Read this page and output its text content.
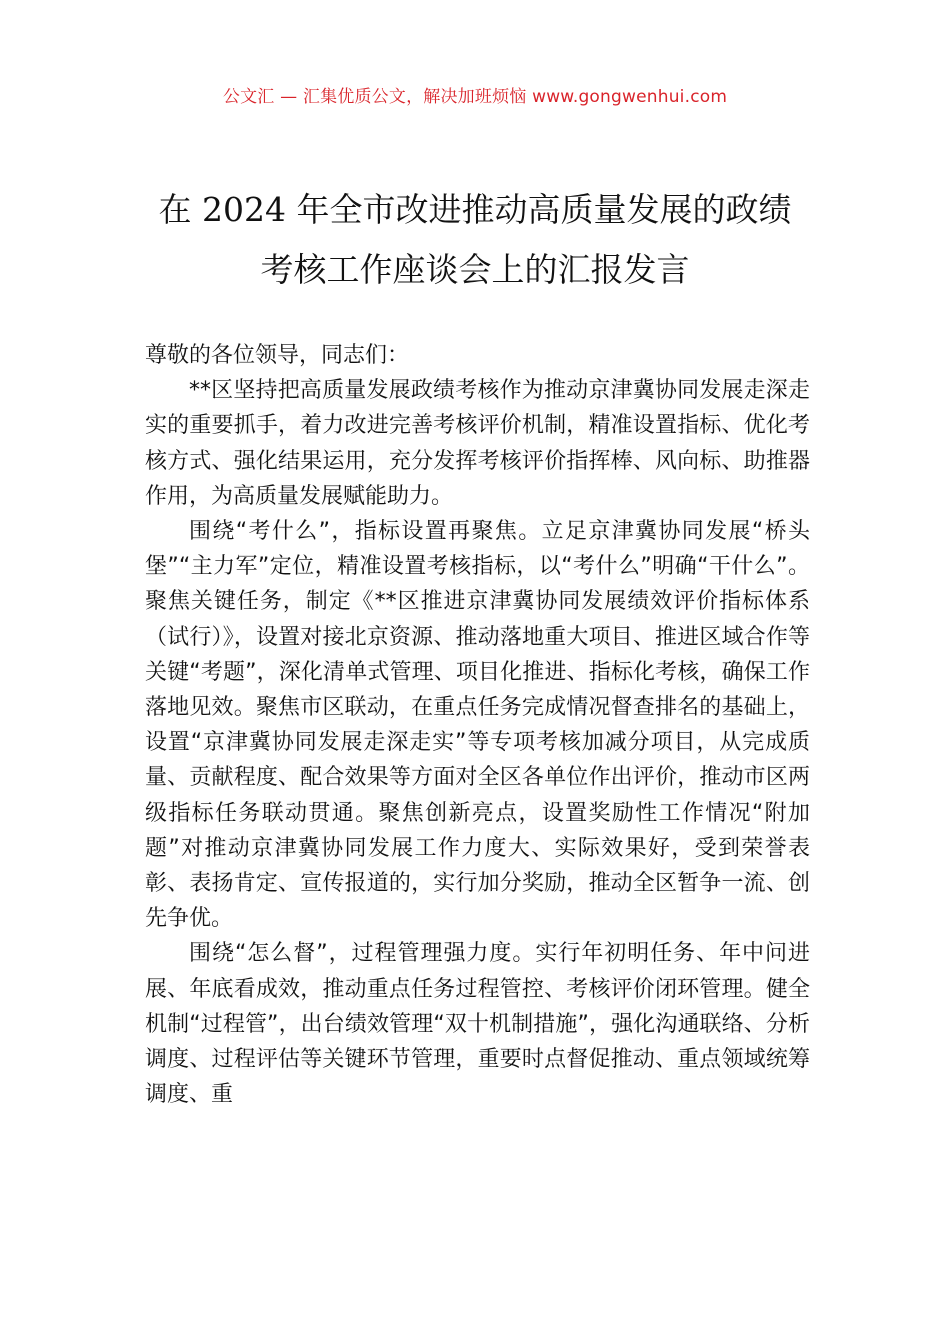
公文汇 — 汇集优质公文，解决加班烦恼 www.gongwenhui.com
在 2024 年全市改进推动高质量发展的政绩
考核工作座谈会上的汇报发言

尊敬的各位领导，同志们：

**区坚持把高质量发展政绩考核作为推动京津冀协同发展走深走实的重要抓手，着力改进完善考核评价机制，精准设置指标、优化考核方式、强化结果运用，充分发挥考核评价指挥棒、风向标、助推器作用，为高质量发展赋能助力。

围绕“考什么”，指标设置再聚焦。立足京津冀协同发展“桥头堡”“主力军”定位，精准设置考核指标，以“考什么”明确“干什么”。聚焦关键任务，制定《**区推进京津冀协同发展绩效评价指标体系（试行）》，设置对接北京资源、推动落地重大项目、推进区域合作等关键“考题”，深化清单式管理、项目化推进、指标化考核，确保工作落地见效。聚焦市区联动，在重点任务完成情况督查排名的基础上，设置“京津冀协同发展走深走实”等专项考核加减分项目，从完成质量、贡献程度、配合效果等方面对全区各单位作出评价，推动市区两级指标任务联动贯通。聚焦创新亮点，设置奖励性工作情况“附加题”对推动京津冀协同发展工作力度大、实际效果好，受到荣誉表彰、表扬肯定、宣传报道的，实行加分奖励，推动全区暂争一流、创先争优。

围绕“怎么督”，过程管理强力度。实行年初明任务、年中问进展、年底看成效，推动重点任务过程管控、考核评价闭环管理。健全机制“过程管”，出台绩效管理“双十机制措施”，强化沟通联络、分析调度、过程评估等关键环节管理，重要时点督促推动、重点领域统筹调度、重
